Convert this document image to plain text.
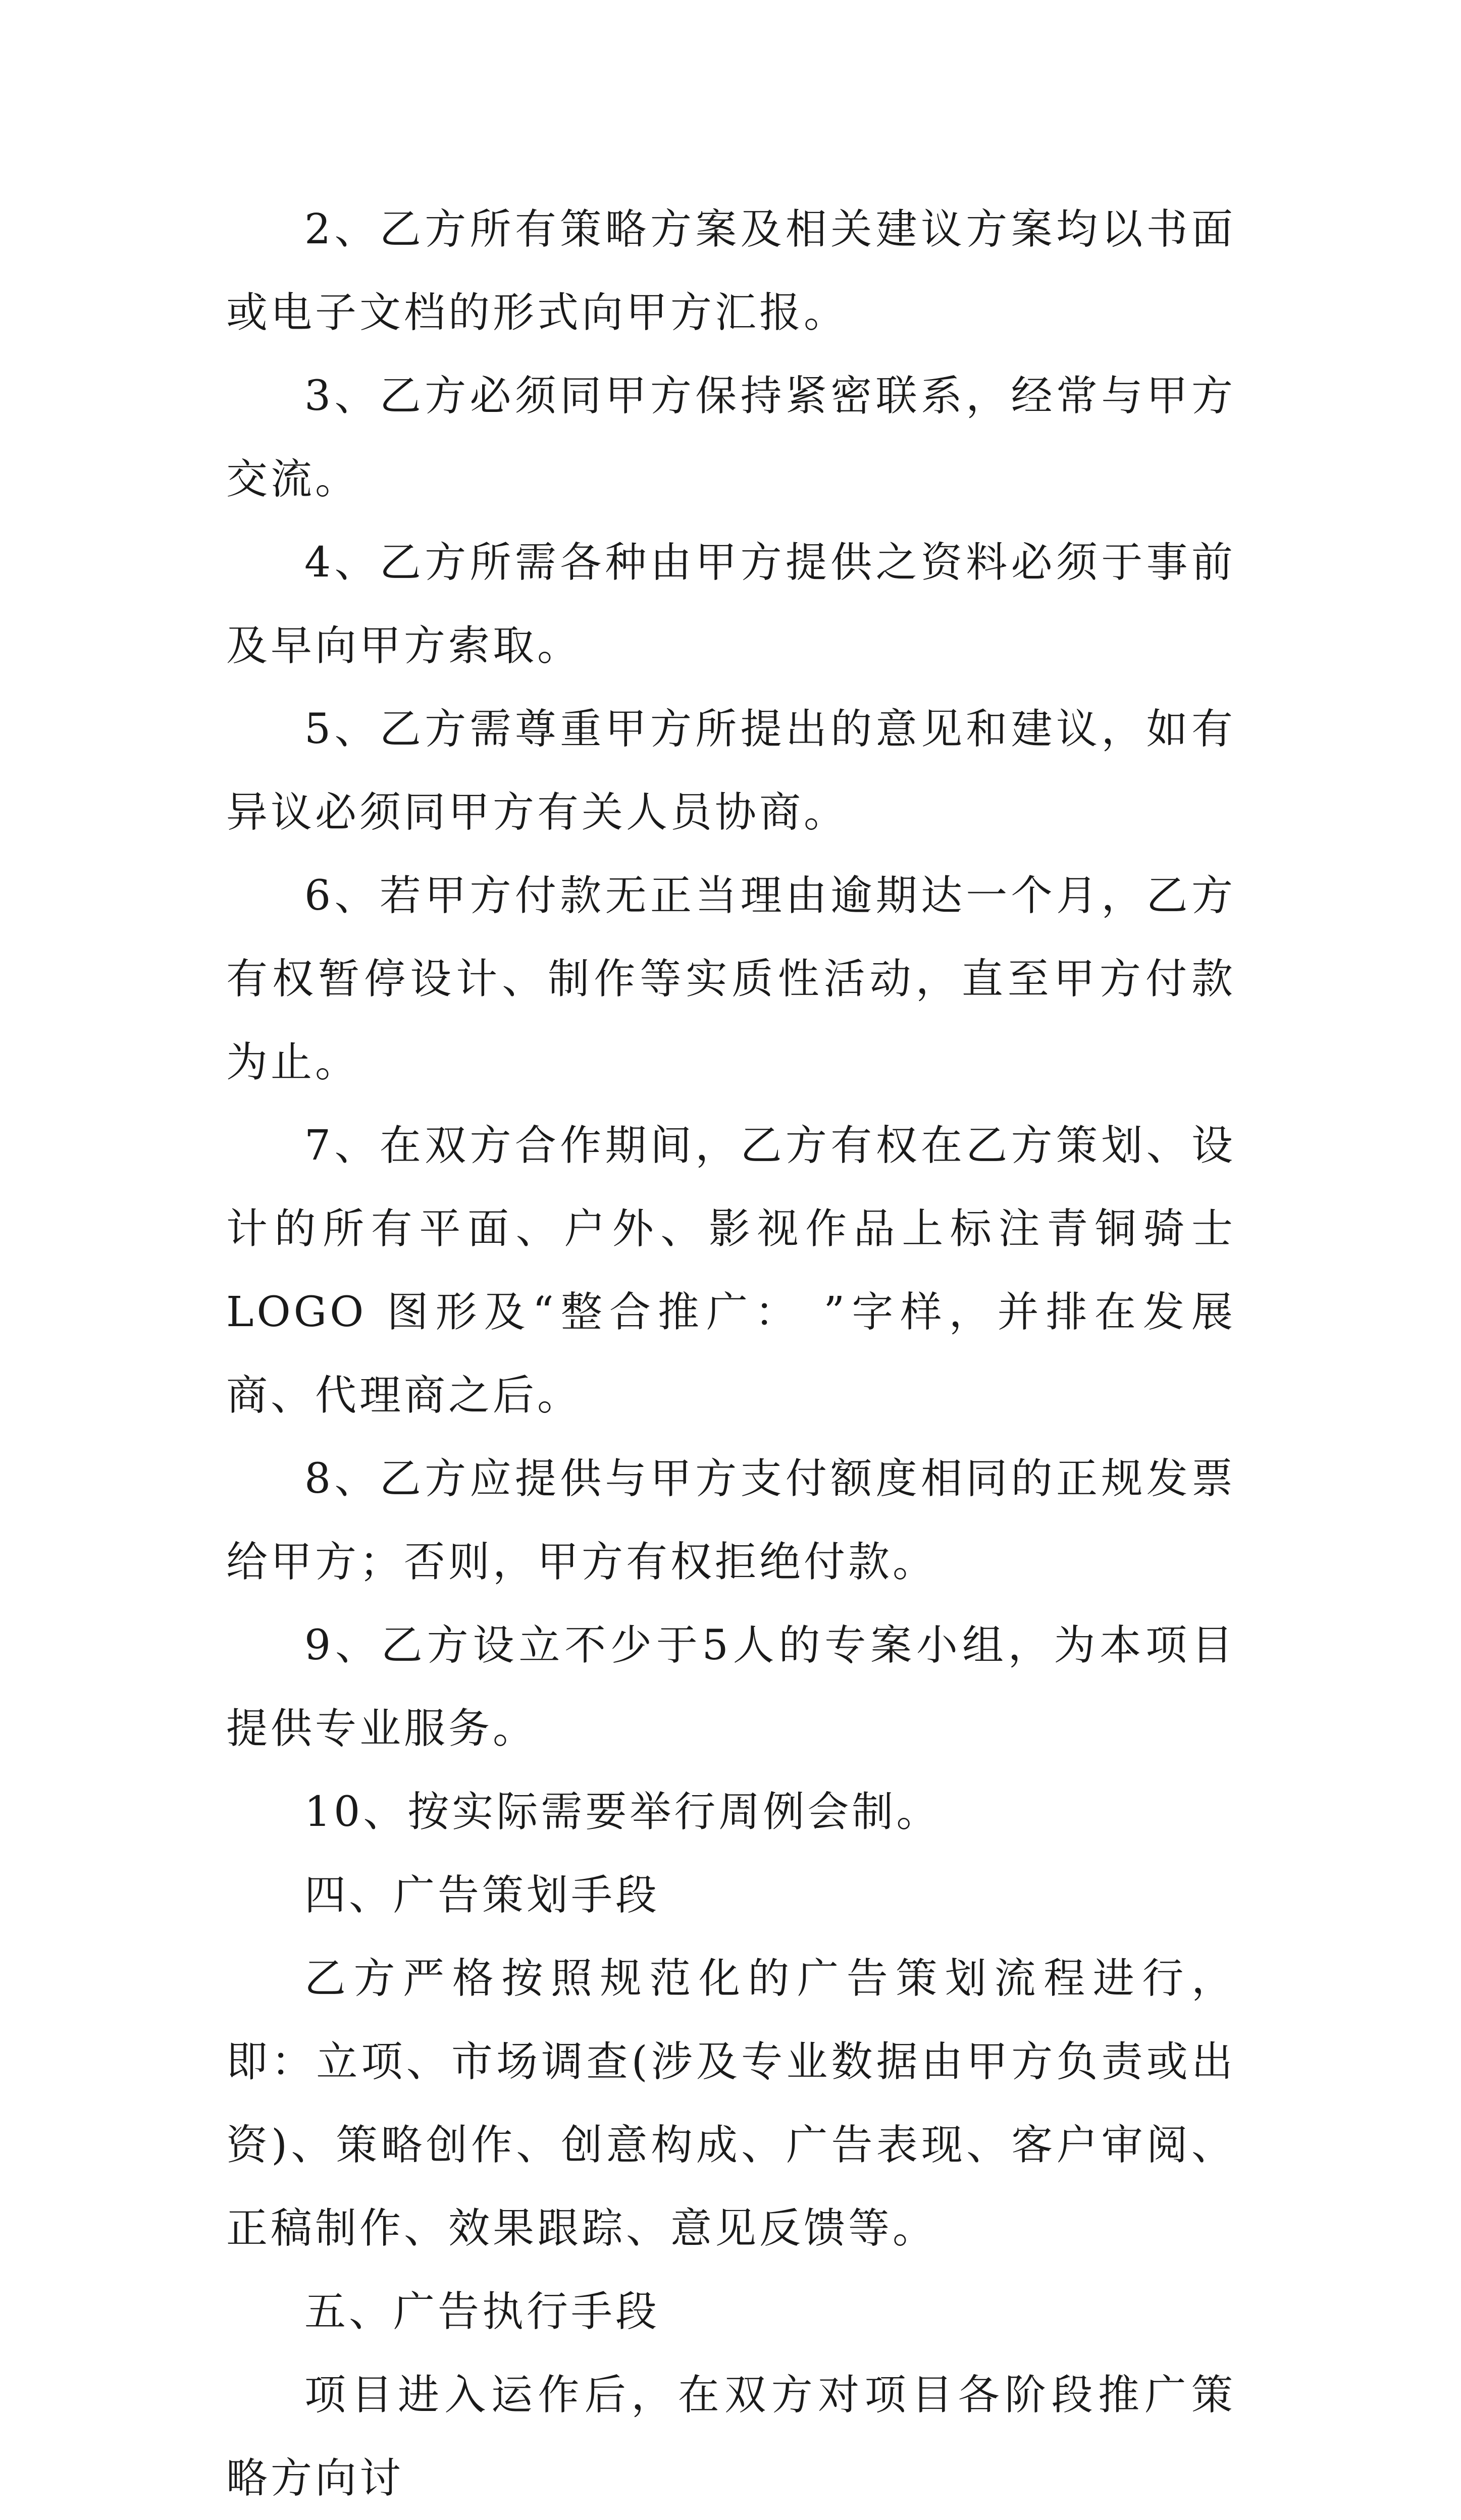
2、乙方所有策略方案及相关建议方案均以书面或电子文档的形式向甲方汇报。

3、乙方必须同甲方保持紧密联系，经常与甲方交流。

4、乙方所需各种由甲方提供之资料必须于事前及早向甲方索取。

5、乙方需尊重甲方所提出的意见和建议，如有异议必须同甲方有关人员协商。

6、若甲方付款无正当理由逾期达一个月，乙方有权暂停设计、制作等实质性活动，直至甲方付款为止。

7、在双方合作期间，乙方有权在乙方策划、设计的所有平面、户外、影视作品上标注青铜骑士LOGO 图形及“整合推广： ”字样，并排在发展商、代理商之后。

8、乙方应提供与甲方支付额度相同的正规发票给甲方；否则，甲方有权拒绝付款。

9、乙方设立不少于5人的专案小组，为本项目提供专业服务。

10、按实际需要举行周例会制。

四、广告策划手段

乙方严格按照规范化的广告策划流程进行，即：立项、市场调查(涉及专业数据由甲方负责或出资)、策略创作、创意构成、广告表现、客户审阅、正稿制作、效果跟踪、意见反馈等。

五、广告执行手段

项目进入运作后，在双方对项目各阶段推广策略方向讨
